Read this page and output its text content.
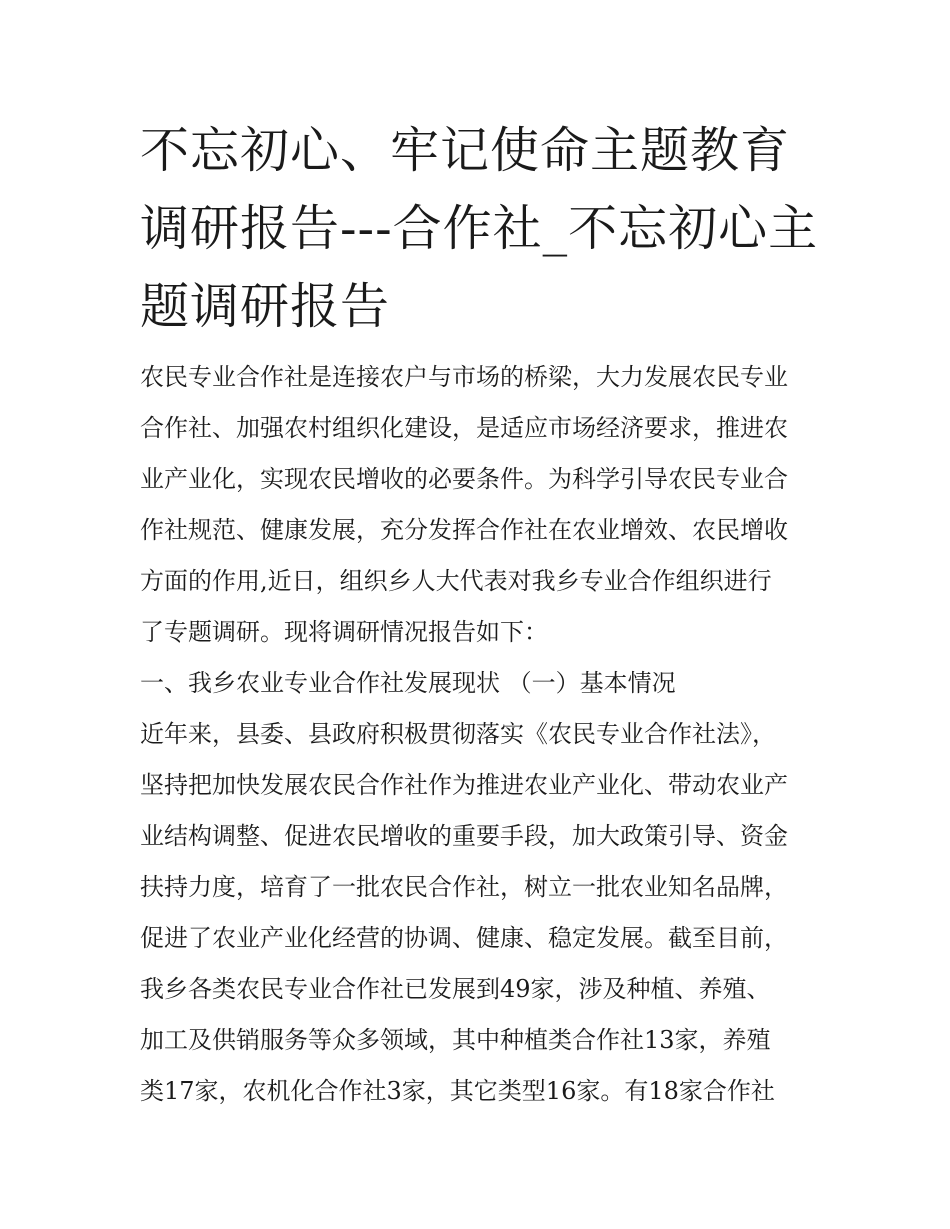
不忘初心、牢记使命主题教育
调研报告---合作社_不忘初心主
题调研报告
农民专业合作社是连接农户与市场的桥梁，大力发展农民专业
合作社、加强农村组织化建设，是适应市场经济要求，推进农
业产业化，实现农民增收的必要条件。为科学引导农民专业合
作社规范、健康发展，充分发挥合作社在农业增效、农民增收
方面的作用,近日，组织乡人大代表对我乡专业合作组织进行
了专题调研。现将调研情况报告如下：
一、我乡农业专业合作社发展现状 （一）基本情况
近年来，县委、县政府积极贯彻落实《农民专业合作社法》，
坚持把加快发展农民合作社作为推进农业产业化、带动农业产
业结构调整、促进农民增收的重要手段，加大政策引导、资金
扶持力度，培育了一批农民合作社，树立一批农业知名品牌，
促进了农业产业化经营的协调、健康、稳定发展。截至目前，
我乡各类农民专业合作社已发展到49家，涉及种植、养殖、
加工及供销服务等众多领域，其中种植类合作社13家，养殖
类17家，农机化合作社3家，其它类型16家。有18家合作社
